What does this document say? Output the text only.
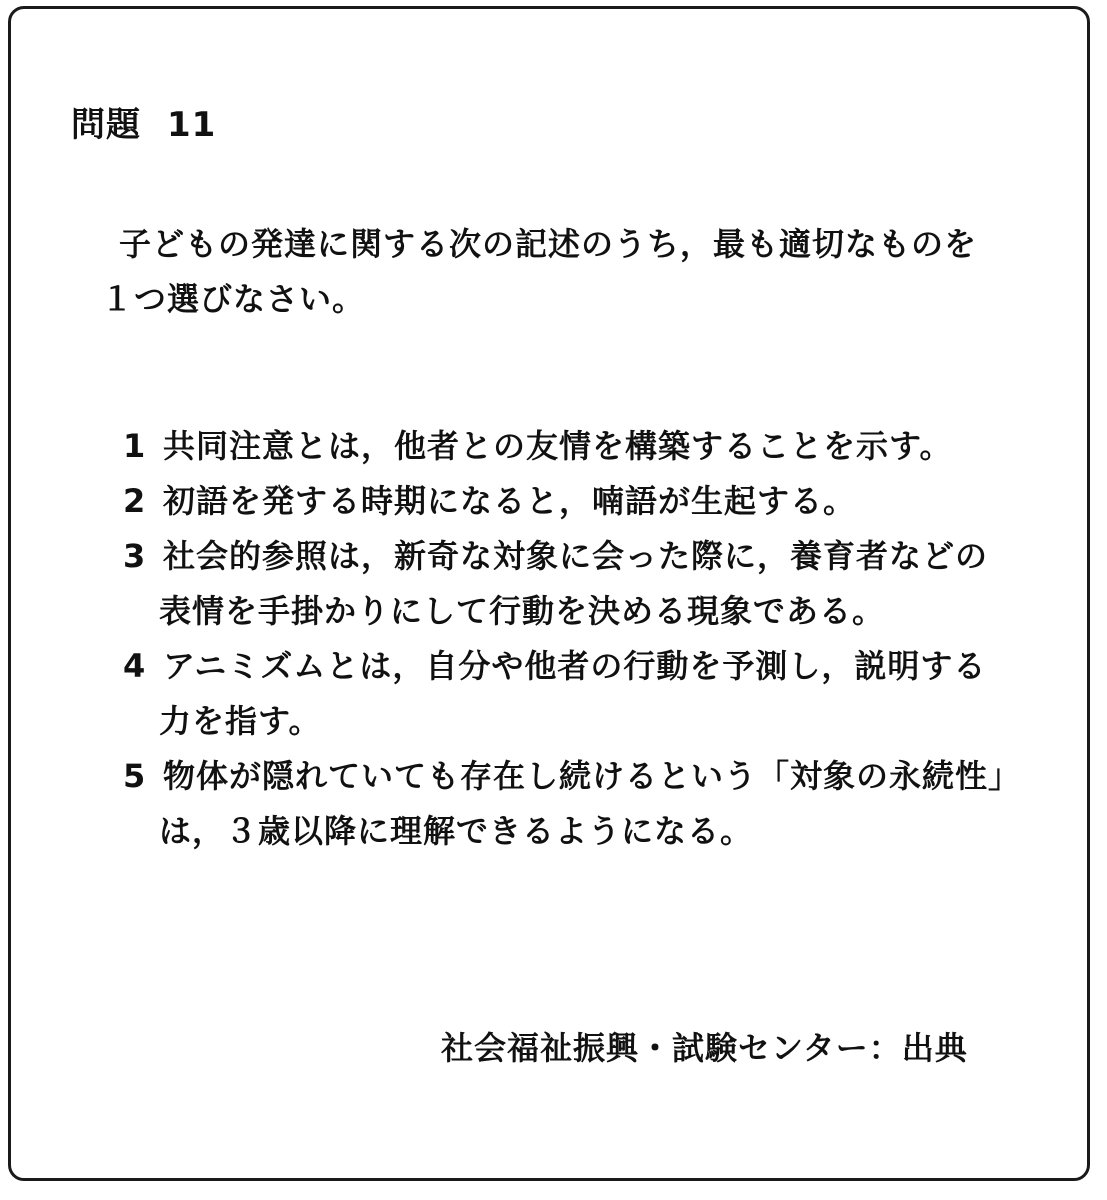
問題 11
子どもの発達に関する次の記述のうち，最も適切なものを
１つ選びなさい。
1 共同注意とは，他者との友情を構築することを示す。
2 初語を発する時期になると，喃語が生起する。
3 社会的参照は，新奇な対象に会った際に，養育者などの
表情を手掛かりにして行動を決める現象である。
4 アニミズムとは，自分や他者の行動を予測し，説明する
力を指す。
5 物体が隠れていても存在し続けるという「対象の永続性」
は，３歳以降に理解できるようになる。
社会福祉振興・試験センター：出典
